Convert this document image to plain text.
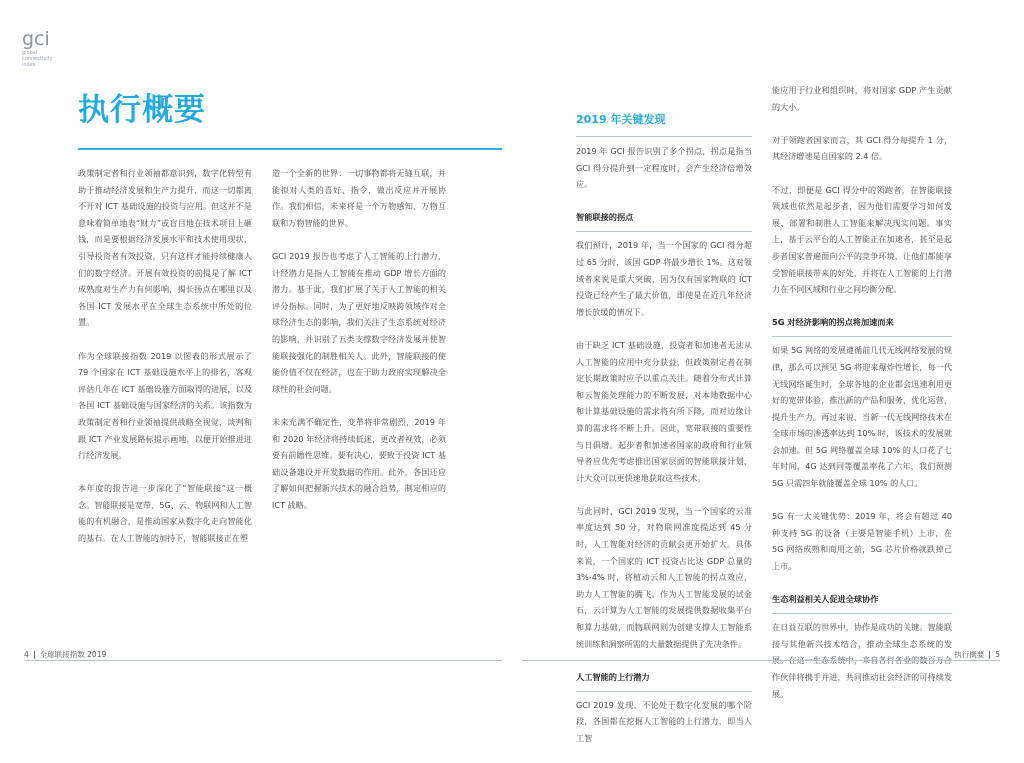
gci
global
connectivity
index
执行概要

政策制定者和行业领袖都意识到，数字化转型有助于推动经济发展和生产力提升，而这一切都离不开对 ICT 基础设施的投资与应用。但这并不是意味着简单地表“财力”或盲目地在技术项目上砸钱，而是要根据经济发展水平和技术使用现状，引导投资者有效投资，只有这样才能持续健康人们的数字经济。开展有效投资的前提是了解 ICT 成熟度对生产力有何影响，揭长扬点在哪里以及各国 ICT 发展水平在全球生态系统中所处的位置。

作为全球联接指数 2019 以图表的形式展示了 79 个国家在 ICT 基础设施水平上的排名，客观评估几年在 ICT 基础设施方面取得的进展，以及各国 ICT 基础设施与国家经济的关系。该指数为政策制定者和行业领袖提供战略全视觉，谈判和跟 ICT 产业发展路标提示画地，以便开始推进进行经济发展。

本年度的报告进一步深化了“智能联接”这一概念。智能联接是宽带、5G、云、物联网和人工智能的有机融合，是推动国家从数字化走向智能化的基石。在人工智能的加持下，智能联接正在塑

造一个全新的世界：一切事物都将无缝互联，并能拟对人类的喜好、指令，做出反应并开展协作。我们相信，未来将是一个万物感知、万物互联和万物智能的世界。

GCI 2019 报告也考虑了人工智能的上行潜力，计经潜力是指人工智能在推动 GDP 增长方面的潜力。基于此，我们扩展了关于人工智能的相关评分指标。同时，为了更好地反映跨领域作对全球经济生态的影响，我们关注了生态系统对经济的影响，并识别了五类支撑数字经济发展并使智能联接强化的制胜相关人。此外，智能联接的使能价值不仅在经济，也在于助力政府实现解决全球性的社会问题。

未来充满不确定性，变革将非常剧烈，2019 年和 2020 年经济将持续低迷，更改者视效，必须要有前瞻性思维。要有决心，要致于投资 ICT 基础设备建设并开发数据的作用。此外，各国还应了解如何把握新兴技术的融合趋势，制定相应的 ICT 战略。

2019 年关键发现

2019 年 GCI 报告识别了多个拐点，拐点是指当 GCI 得分提升到一定程度时，会产生经济倍增效应。

智能联接的拐点

我们预计，2019 年，当一个国家的 GCI 得分超过 65 分时，该国 GDP 将最少增长 1%。这对领域者来说是重大突破，因为仅有国家物联的 ICT 投资已经产生了最大价值，即使是在近几年经济增长放缓的情况下。

由于缺乏 ICT 基础设施，投资者和加速者无法从人工智能的应用中充分获益，但政策制定者在制定长期政策时应予以重点关注。随着分布式计算和云智能处理能力的不断发展，对本地数据中心和计算基础设施的需求将有所下降，而对边缘计算的需求将不断上升。因此，宽带联接的重要性与日俱增。起步者和加速者国家的政府和行业领导者应优先考虑推出国家层面的智能联接计划，计大众可以更快速地获取这些技术。

与此同时，GCI 2019 发现，当一个国家的云准率度达到 50 分，对物联网准度提达到 45 分时，人工智能对经济的贡献会更开始扩大。具体来说，一个国家的 ICT 投资占比达 GDP 总量的 3%-4% 时，将植动云和人工智能的拐点效应，助力人工智能的腾飞。作为人工智能发展的试金石，云计算为人工智能的发展提供数据收集平台和算力基础，而物联网则为创建支撑人工智能系统训练和洞察所需的大量数据提供了先决条件。

人工智能的上行潜力

GCI 2019 发现，不论处于数字化发展的哪个阶段，各国都在挖掘人工智能的上行潜力，即当人工智

能应用于行业和组织时，将对国家 GDP 产生贡献的大小。

对于领跑者国家而言，其 GCI 得分每提升 1 分，其经济增速是自国家的 2.4 倍。

不过，即便是 GCI 得分中的领跑者，在智能联接领域也依然是起步者，因为他们需要学习如何发展、部署和制胜人工智能来解决现实问题。事实上，基于云平台的人工智能正在加速者，甚至是起步者国家普遍面向公平的竞争环境，让他们都能享受智能联接带来的好处，并将在人工智能的上行潜力在不同区域和行业之间均衡分配。

5G 对经济影响的拐点将加速而来

如果 5G 网络的发展遵循前几代无线网络发展的规律，那么可以预见 5G 将迎来爆炸性增长，每一代无线网络诞生时，全球各地的企业都会迅速利用更好的宽带体验，推出新的产品和服务，优化运营，提升生产力。再过来说，当新一代无线网络技术在全球市场的渗透率达到 10% 时，该技术的发展就会加速。但 5G 网络覆盖全球 10% 的人口花了七年时间，4G 达到同等覆盖率花了六年，我们预测 5G 只需四年就能覆盖全球 10% 的人口。

5G 有一大关键优势：2019 年，将会有超过 40 种支持 5G 的设备（主要是智能手机）上市，在 5G 网络成熟和商用之前，5G 芯片价格就跌掉己上市。

生态利益相关人促进全球协作

在日益互联的世界中，协作是成功的关键。智能联接与其他新兴技术结合，推动全球生态系统的发 作伙伴将携手并进，共同推动社会经济的可持续发展。

4 全球联接指数 2019	执行概要 5
